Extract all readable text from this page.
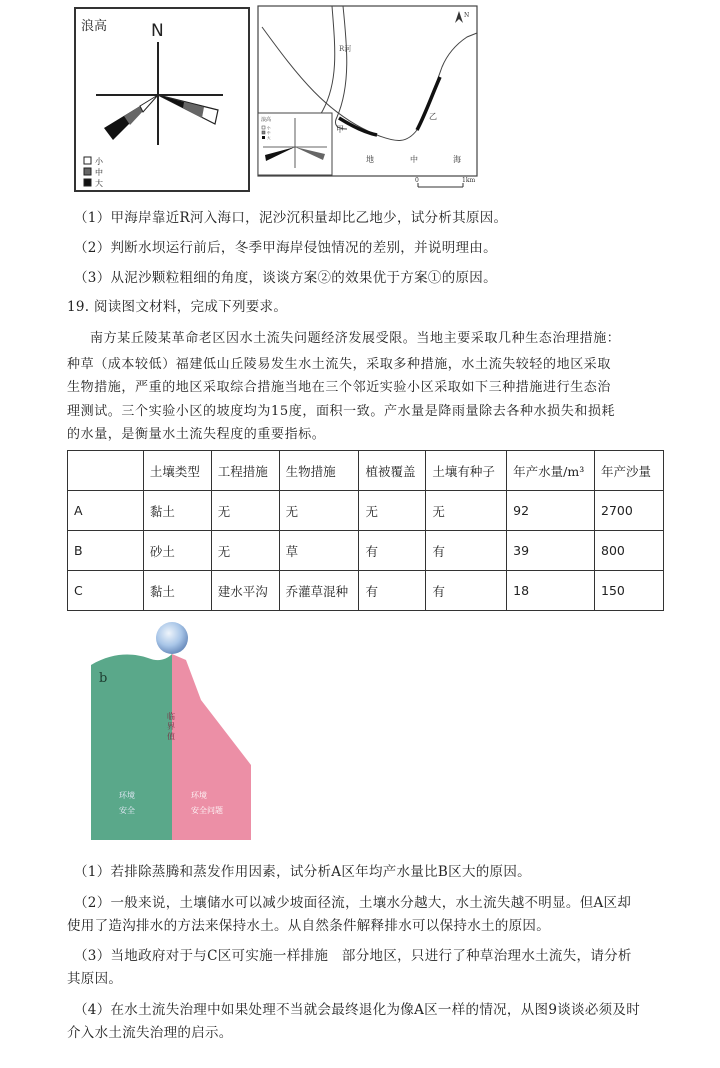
浪高	N
小
中
大
N
R河
甲
乙
地	中	海
浪高
小
中
大
0	1km
（1）甲海岸靠近R河入海口，泥沙沉积量却比乙地少，试分析其原因。
（2）判断水坝运行前后，冬季甲海岸侵蚀情况的差别，并说明理由。
（3）从泥沙颗粒粗细的角度，谈谈方案②的效果优于方案①的原因。
19. 阅读图文材料，完成下列要求。
南方某丘陵某革命老区因水土流失问题经济发展受限。当地主要采取几种生态治理措施：
种草（成本较低）福建低山丘陵易发生水土流失，采取多种措施，水土流失较轻的地区采取
生物措施，严重的地区采取综合措施当地在三个邻近实验小区采取如下三种措施进行生态治
理测试。三个实验小区的坡度均为15度，面积一致。产水量是降雨量除去各种水损失和损耗
的水量，是衡量水土流失程度的重要指标。
	土壤类型	工程措施	生物措施	植被覆盖	土壤有种子	年产水量/m³	年产沙量
A	黏土	无	无	无	无	92	2700
B	砂土	无	草	有	有	39	800
C	黏土	建水平沟	乔灌草混种	有	有	18	150
b
环境
安全
环境
安全问题
临界值
（1）若排除蒸腾和蒸发作用因素，试分析A区年均产水量比B区大的原因。
（2）一般来说，土壤储水可以减少坡面径流，土壤水分越大，水土流失越不明显。但A区却
使用了造沟排水的方法来保持水土。从自然条件解释排水可以保持水土的原因。
（3）当地政府对于与C区可实施一样排施　部分地区，只进行了种草治理水土流失，请分析
其原因。
（4）在水土流失治理中如果处理不当就会最终退化为像A区一样的情况，从图9谈谈必须及时
介入水土流失治理的启示。
